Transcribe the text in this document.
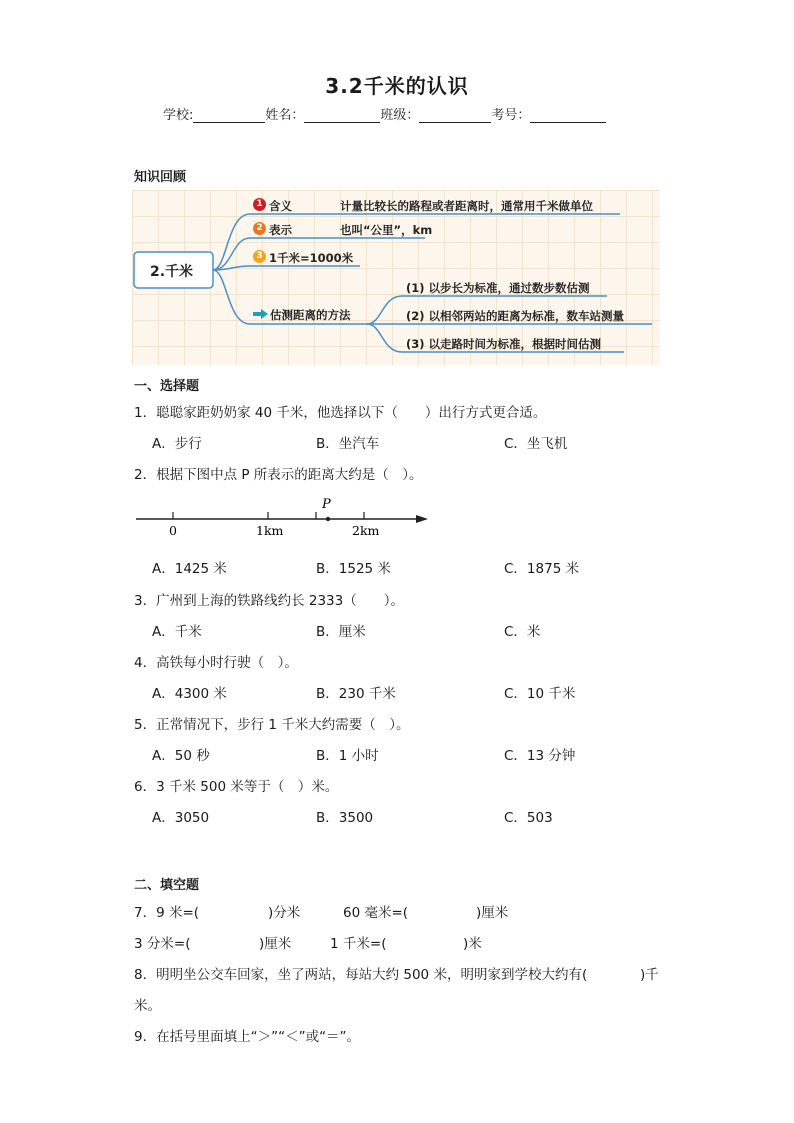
3.2千米的认识
学校:	姓名：	班级：	考号：
知识回顾
2.千米
1 含义	计量比较长的路程或者距离时，通常用千米做单位
2 表示	也叫“公里”，km
3 1千米=1000米
估测距离的方法
(1) 以步长为标准，通过数步数估测
(2) 以相邻两站的距离为标准，数车站测量
(3) 以走路时间为标准，根据时间估测
一、选择题
1．聪聪家距奶奶家 40 千米，他选择以下（　　）出行方式更合适。
A．步行	B．坐汽车	C．坐飞机
2．根据下图中点 P 所表示的距离大约是（　）。
P
0	1km	2km
A．1425 米	B．1525 米	C．1875 米
3．广州到上海的铁路线约长 2333（　　）。
A．千米	B．厘米	C．米
4．高铁每小时行驶（　）。
A．4300 米	B．230 千米	C．10 千米
5．正常情况下，步行 1 千米大约需要（　）。
A．50 秒	B．1 小时	C．13 分钟
6．3 千米 500 米等于（　）米。
A．3050	B．3500	C．503
二、填空题
7．9 米=(	)分米	60 毫米=(	)厘米
3 分米=(	)厘米	1 千米=(	)米
8．明明坐公交车回家，坐了两站，每站大约 500 米，明明家到学校大约有(	)千
米。
9．在括号里面填上“＞”“＜”或“＝”。
